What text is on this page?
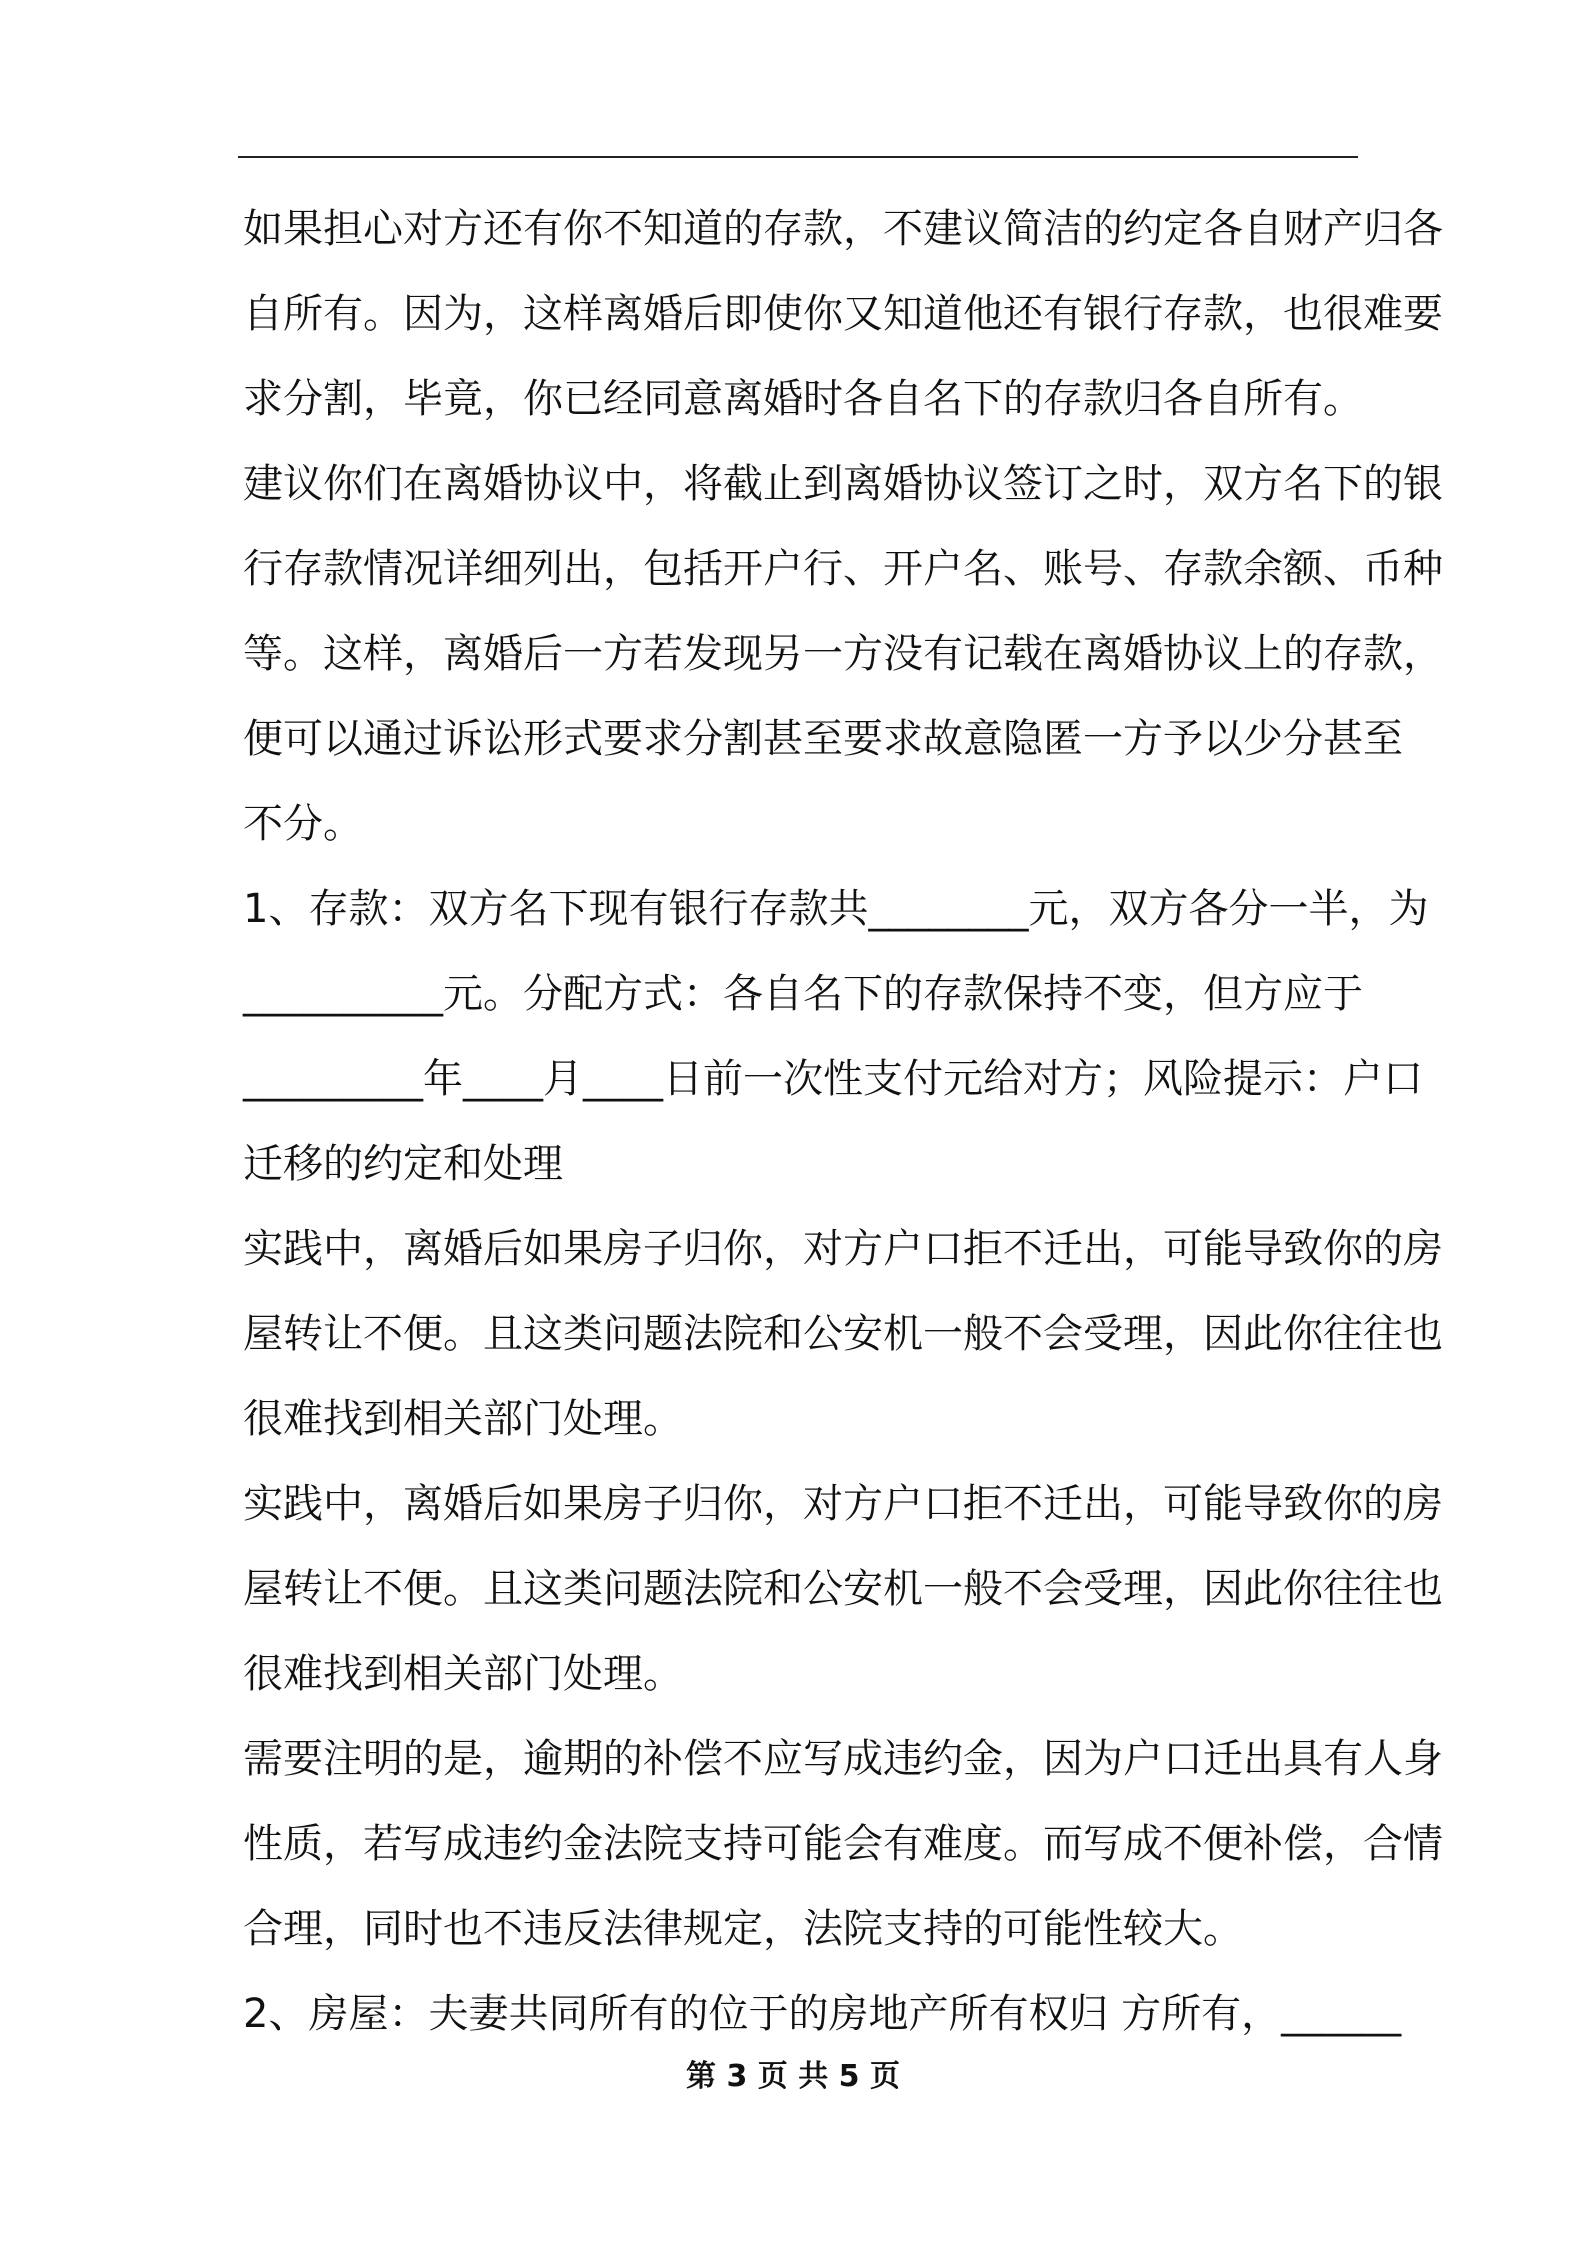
如果担心对方还有你不知道的存款，不建议简洁的约定各自财产归各
自所有。因为，这样离婚后即使你又知道他还有银行存款，也很难要
求分割，毕竟，你已经同意离婚时各自名下的存款归各自所有。
建议你们在离婚协议中，将截止到离婚协议签订之时，双方名下的银
行存款情况详细列出，包括开户行、开户名、账号、存款余额、币种
等。这样，离婚后一方若发现另一方没有记载在离婚协议上的存款，
便可以通过诉讼形式要求分割甚至要求故意隐匿一方予以少分甚至
不分。
1、存款：双方名下现有银行存款共________元，双方各分一半，为
__________元。分配方式：各自名下的存款保持不变，但方应于
_________年____月____日前一次性支付元给对方；风险提示：户口
迁移的约定和处理
实践中，离婚后如果房子归你，对方户口拒不迁出，可能导致你的房
屋转让不便。且这类问题法院和公安机一般不会受理，因此你往往也
很难找到相关部门处理。
实践中，离婚后如果房子归你，对方户口拒不迁出，可能导致你的房
屋转让不便。且这类问题法院和公安机一般不会受理，因此你往往也
很难找到相关部门处理。
需要注明的是，逾期的补偿不应写成违约金，因为户口迁出具有人身
性质，若写成违约金法院支持可能会有难度。而写成不便补偿，合情
合理，同时也不违反法律规定，法院支持的可能性较大。
2、房屋：夫妻共同所有的位于的房地产所有权归 方所有，______
第 3 页 共 5 页
